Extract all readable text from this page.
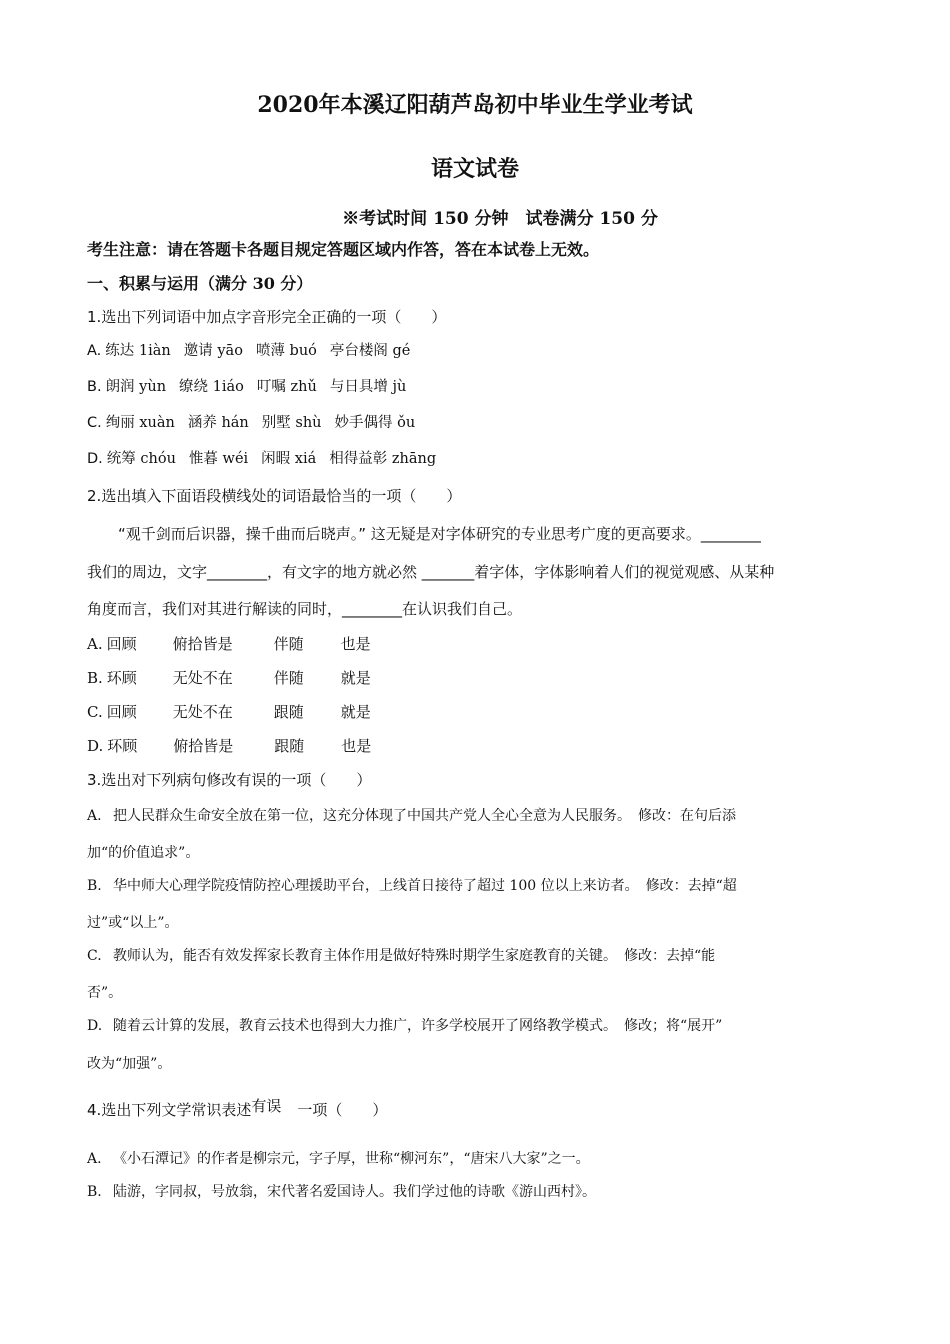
2020年本溪辽阳葫芦岛初中毕业生学业考试
语文试卷
※考试时间 150 分钟　试卷满分 150 分
考生注意：请在答题卡各题目规定答题区域内作答，答在本试卷上无效。
一、积累与运用（满分 30 分）
1.选出下列词语中加点字音形完全正确的一项（　　）
A. 练达 1iàn 邀请 yāo 喷薄 buó 亭台楼阁 gé
B. 朗润 yùn 缭绕 1iáo 叮嘱 zhǔ 与日具增 jù
C. 绚丽 xuàn 涵养 hán 别墅 shù 妙手偶得 ǒu
D. 统筹 chóu 惟暮 wéi 闲暇 xiá 相得益彰 zhāng
2.选出填入下面语段横线处的词语最恰当的一项（　　）
“观千剑而后识器，操千曲而后晓声。” 这无疑是对字体研究的专业思考广度的更高要求。________
我们的周边，文字________，有文字的地方就必然 _______着字体，字体影响着人们的视觉观感、从某种
角度而言，我们对其进行解读的同时，________在认识我们自己。
A. 回顾 俯拾皆是	伴随 也是
B. 环顾 无处不在	伴随 就是
C. 回顾 无处不在	跟随 就是
D. 环顾 俯拾皆是	跟随 也是
3.选出对下列病句修改有误的一项（　　）
A. 把人民群众生命安全放在第一位，这充分体现了中国共产党人全心全意为人民服务。　修改：在句后添
加“的价值追求”。
B. 华中师大心理学院疫情防控心理援助平台，上线首日接待了超过 100 位以上来访者。　修改：去掉“超
过”或“以上”。
C. 教师认为，能否有效发挥家长教育主体作用是做好特殊时期学生家庭教育的关键。　修改：去掉“能
否”。
D. 随着云计算的发展，教育云技术也得到大力推广，许多学校展开了网络教学模式。　修改；将“展开”
改为“加强”。
4.选出下列文学常识表述有误 一项（　　）
A. 《小石潭记》的作者是柳宗元，字子厚，世称“柳河东”，“唐宋八大家”之一。
B. 陆游，字同叔，号放翁，宋代著名爱国诗人。我们学过他的诗歌《游山西村》。
